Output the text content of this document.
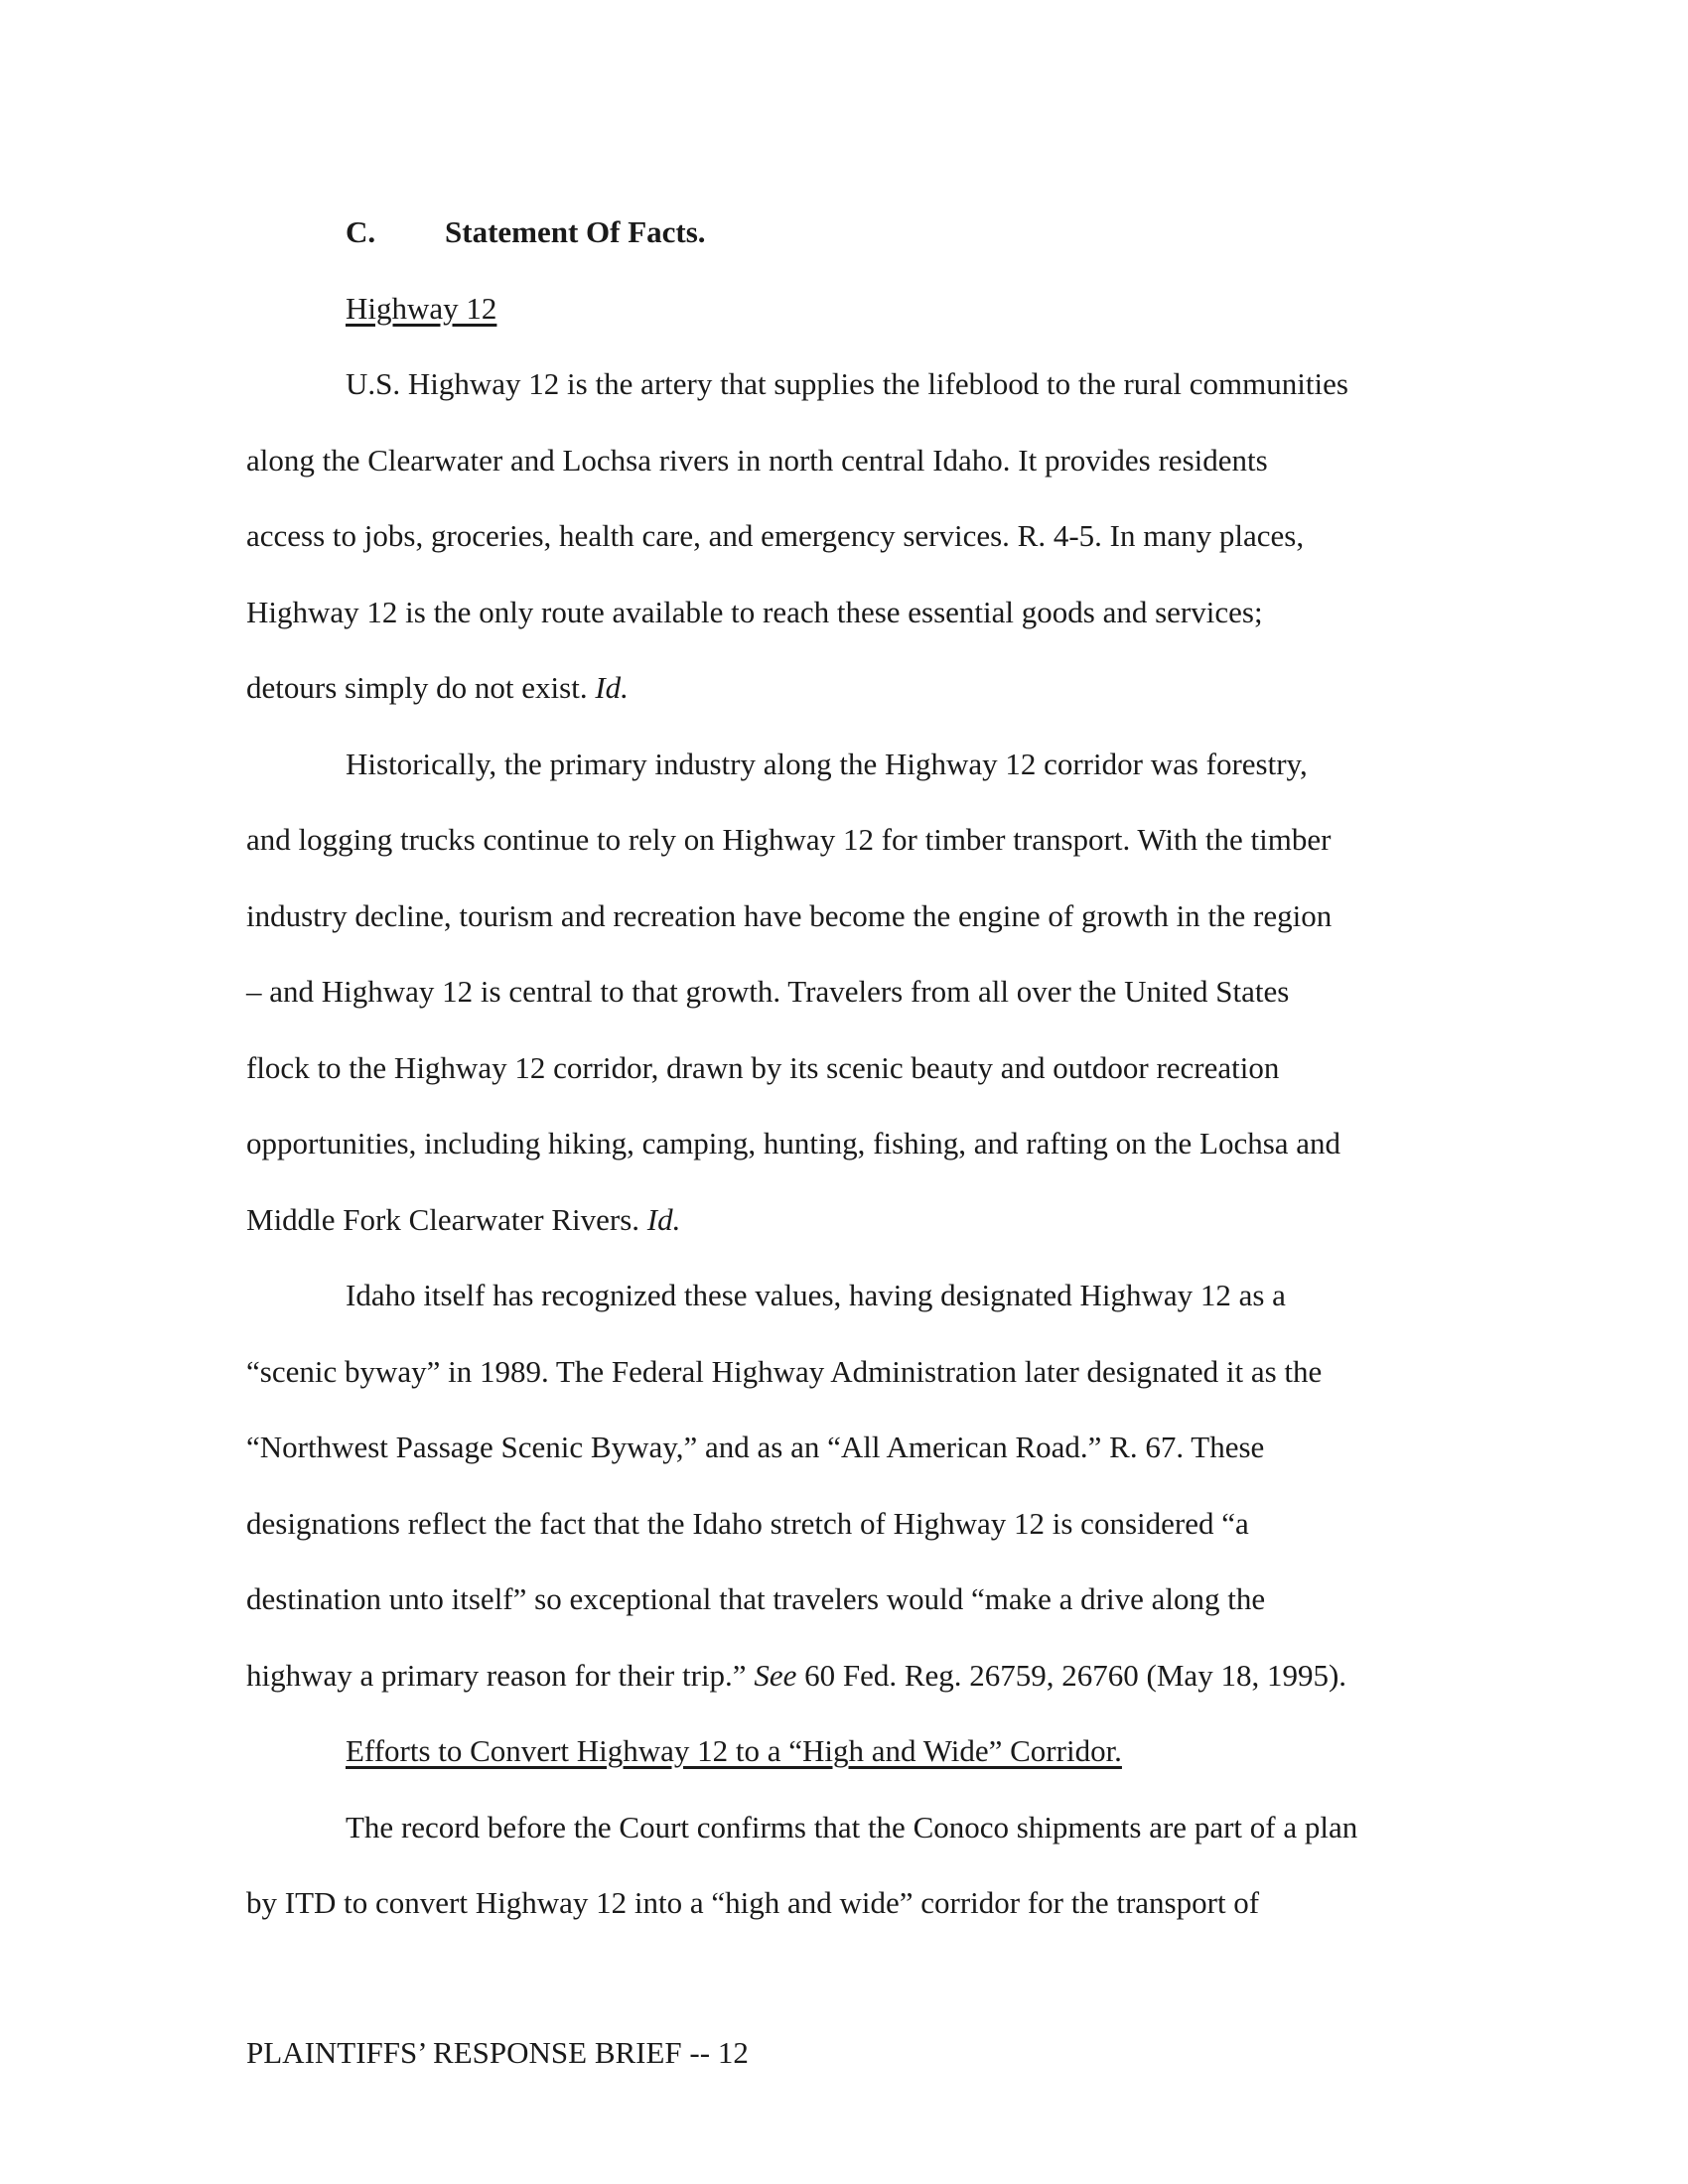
C. Statement Of Facts.
Highway 12

U.S. Highway 12 is the artery that supplies the lifeblood to the rural communities
along the Clearwater and Lochsa rivers in north central Idaho. It provides residents
access to jobs, groceries, health care, and emergency services. R. 4-5. In many places,
Highway 12 is the only route available to reach these essential goods and services;
detours simply do not exist. Id.

Historically, the primary industry along the Highway 12 corridor was forestry,
and logging trucks continue to rely on Highway 12 for timber transport. With the timber
industry decline, tourism and recreation have become the engine of growth in the region
– and Highway 12 is central to that growth. Travelers from all over the United States
flock to the Highway 12 corridor, drawn by its scenic beauty and outdoor recreation
opportunities, including hiking, camping, hunting, fishing, and rafting on the Lochsa and
Middle Fork Clearwater Rivers. Id.

Idaho itself has recognized these values, having designated Highway 12 as a
“scenic byway” in 1989. The Federal Highway Administration later designated it as the
“Northwest Passage Scenic Byway,” and as an “All American Road.” R. 67. These
designations reflect the fact that the Idaho stretch of Highway 12 is considered “a
destination unto itself” so exceptional that travelers would “make a drive along the
highway a primary reason for their trip.” See 60 Fed. Reg. 26759, 26760 (May 18, 1995).

Efforts to Convert Highway 12 to a “High and Wide” Corridor.

The record before the Court confirms that the Conoco shipments are part of a plan
by ITD to convert Highway 12 into a “high and wide” corridor for the transport of

PLAINTIFFS’ RESPONSE BRIEF -- 12
